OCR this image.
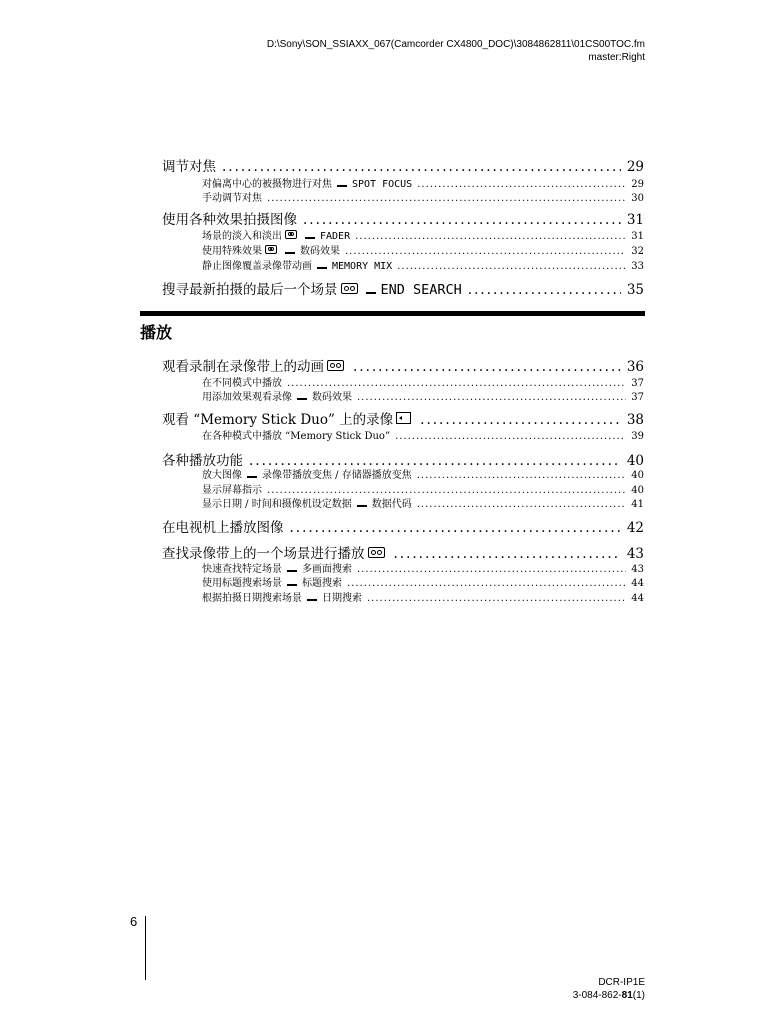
D:\Sony\SON_SSIAXX_067(Camcorder CX4800_DOC)\3084862811\01CS00TOC.fm
master:Right
调节对焦 .....	29
对偏离中心的被摄物进行对焦 SPOT FOCUS .....	29
手动调节对焦 .....	30
使用各种效果拍摄图像 .....	31
场景的淡入和淡出	FADER .....	31
使用特殊效果	数码效果 .....	32
静止图像覆盖录像带动画 MEMORY MIX .....	33
搜寻最新拍摄的最后一个场景	END SEARCH .....	35
播放
观看录制在录像带上的动画 .....	36
在不同模式中播放 .....	37
用添加效果观看录像 数码效果 .....	37
观看 “Memory Stick Duo” 上的录像 .....	38
在各种模式中播放 “Memory Stick Duo” .....	39
各种播放功能 .....	40
放大图像 录像带播放变焦 / 存储器播放变焦 .....	40
显示屏幕指示 .....	40
显示日期 / 时间和摄像机设定数据 数据代码 .....	41
在电视机上播放图像 .....	42
查找录像带上的一个场景进行播放 .....	43
快速查找特定场景 多画面搜索 .....	43
使用标题搜索场景 标题搜索 .....	44
根据拍摄日期搜索场景 日期搜索 .....	44
6
DCR-IP1E
3-084-862-81(1)
